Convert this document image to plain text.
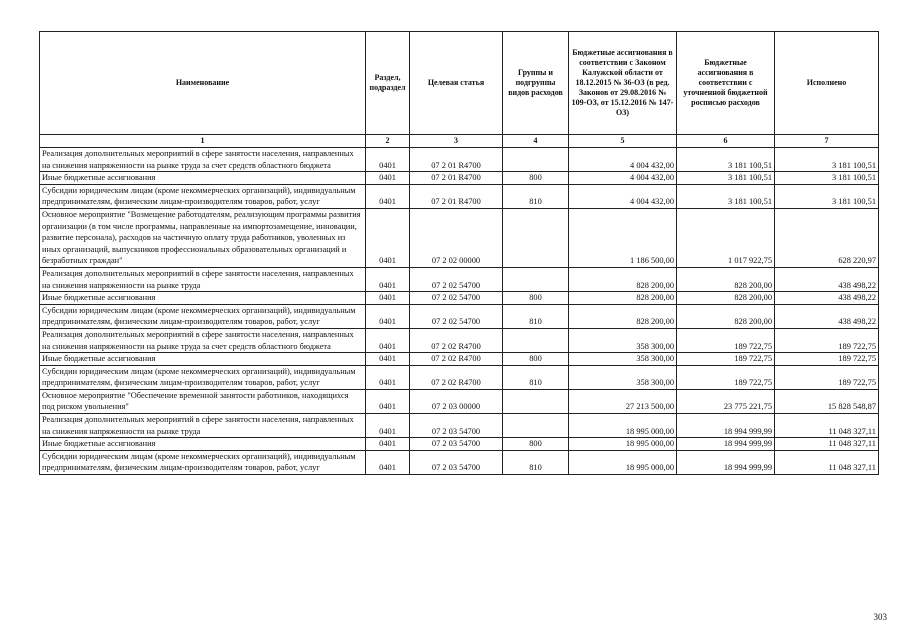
Наименование	Раздел, подраздел	Целевая статья	Группы и подгруппы видов расходов	Бюджетные ассигнования в соответствии с Законом Калужской области от 18.12.2015 № 36-ОЗ (в ред. Законов от 29.08.2016 № 109-ОЗ, от 15.12.2016 № 147-ОЗ)	Бюджетные ассигнования в соответствии с уточненной бюджетной росписью расходов	Исполнено
1	2	3	4	5	6	7
Реализация дополнительных мероприятий в сфере занятости населения, направленных на снижения напряженности на рынке труда за счет средств областного бюджета	0401	07 2 01 R4700		4 004 432,00	3 181 100,51	3 181 100,51
Иные бюджетные ассигнования	0401	07 2 01 R4700	800	4 004 432,00	3 181 100,51	3 181 100,51
Субсидии юридическим лицам (кроме некоммерческих организаций), индивидуальным предпринимателям, физическим лицам-производителям товаров, работ, услуг	0401	07 2 01 R4700	810	4 004 432,00	3 181 100,51	3 181 100,51
Основное мероприятие "Возмещение работодателям, реализующим программы развития организации (в том числе программы, направленные на импортозамещение, инновации, развитие персонала), расходов на частичную оплату труда работников, уволенных из иных организаций, выпускников профессиональных образовательных организаций и безработных граждан"	0401	07 2 02 00000		1 186 500,00	1 017 922,75	628 220,97
Реализация дополнительных мероприятий в сфере занятости населения, направленных на снижения напряженности на рынке труда	0401	07 2 02 54700		828 200,00	828 200,00	438 498,22
Иные бюджетные ассигнования	0401	07 2 02 54700	800	828 200,00	828 200,00	438 498,22
Субсидии юридическим лицам (кроме некоммерческих организаций), индивидуальным предпринимателям, физическим лицам-производителям товаров, работ, услуг	0401	07 2 02 54700	810	828 200,00	828 200,00	438 498,22
Реализация дополнительных мероприятий в сфере занятости населения, направленных на снижения напряженности на рынке труда за счет средств областного бюджета	0401	07 2 02 R4700		358 300,00	189 722,75	189 722,75
Иные бюджетные ассигнования	0401	07 2 02 R4700	800	358 300,00	189 722,75	189 722,75
Субсидии юридическим лицам (кроме некоммерческих организаций), индивидуальным предпринимателям, физическим лицам-производителям товаров, работ, услуг	0401	07 2 02 R4700	810	358 300,00	189 722,75	189 722,75
Основное мероприятие "Обеспечение временной занятости работников, находящихся под риском увольнения"	0401	07 2 03 00000		27 213 500,00	23 775 221,75	15 828 548,87
Реализация дополнительных мероприятий в сфере занятости населения, направленных на снижения напряженности на рынке труда	0401	07 2 03 54700		18 995 000,00	18 994 999,99	11 048 327,11
Иные бюджетные ассигнования	0401	07 2 03 54700	800	18 995 000,00	18 994 999,99	11 048 327,11
Субсидии юридическим лицам (кроме некоммерческих организаций), индивидуальным предпринимателям, физическим лицам-производителям товаров, работ, услуг	0401	07 2 03 54700	810	18 995 000,00	18 994 999,99	11 048 327,11
303
